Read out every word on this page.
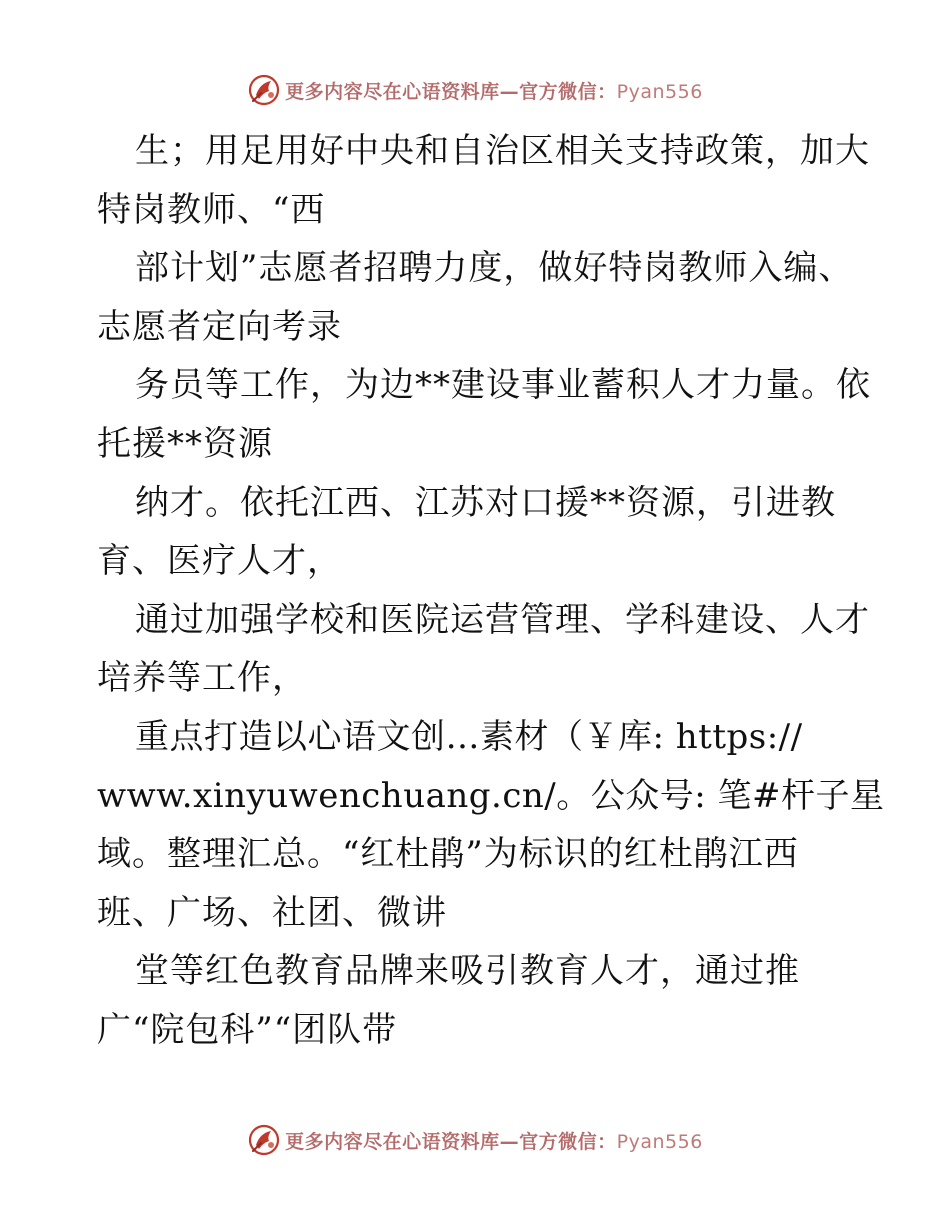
更多内容尽在心语资料库—官方微信：Pyan556
生；用足用好中央和自治区相关支持政策，加大
特岗教师、“西
部计划”志愿者招聘力度，做好特岗教师入编、
志愿者定向考录
务员等工作，为边**建设事业蓄积人才力量。依
托援**资源
纳才。依托江西、江苏对口援**资源，引进教
育、医疗人才，
通过加强学校和医院运营管理、学科建设、人才
培养等工作，
重点打造以心语文创…素材（￥库: https://
www.xinyuwenchuang.cn/。公众号: 笔#杆子星
域。整理汇总。“红杜鹃”为标识的红杜鹃江西
班、广场、社团、微讲
堂等红色教育品牌来吸引教育人才，通过推
广“院包科”“团队带
更多内容尽在心语资料库—官方微信：Pyan556
